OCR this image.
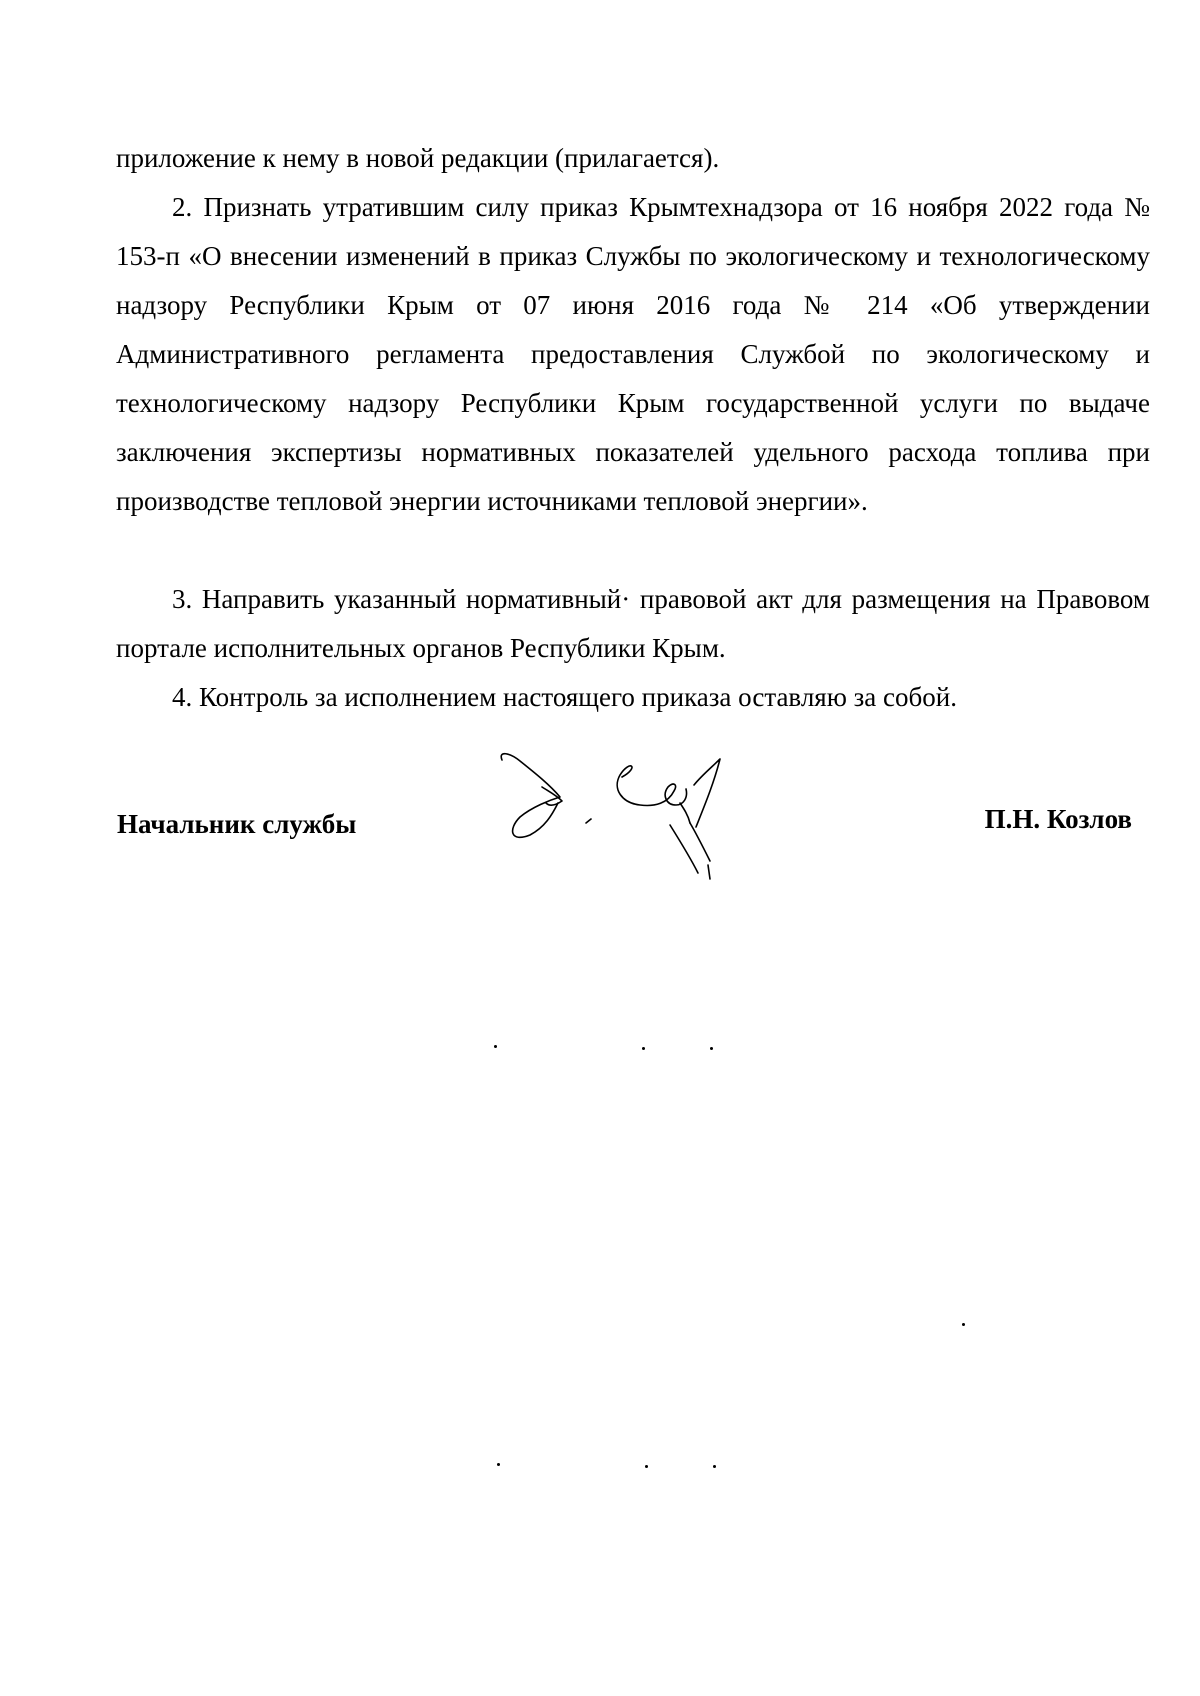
приложение к нему в новой редакции (прилагается).

2. Признать утратившим силу приказ Крымтехнадзора от 16 ноября 2022 года № 153-п «О внесении изменений в приказ Службы по экологическому и технологическому надзору Республики Крым от 07 июня 2016 года № 214 «Об утверждении Административного регламента предоставления Службой по экологическому и технологическому надзору Республики Крым государственной услуги по выдаче заключения экспертизы нормативных показателей удельного расхода топлива при производстве тепловой энергии источниками тепловой энергии».

3. Направить указанный нормативный· правовой акт для размещения на Правовом портале исполнительных органов Республики Крым.

4. Контроль за исполнением настоящего приказа оставляю за собой.

Начальник службы	П.Н. Козлов
